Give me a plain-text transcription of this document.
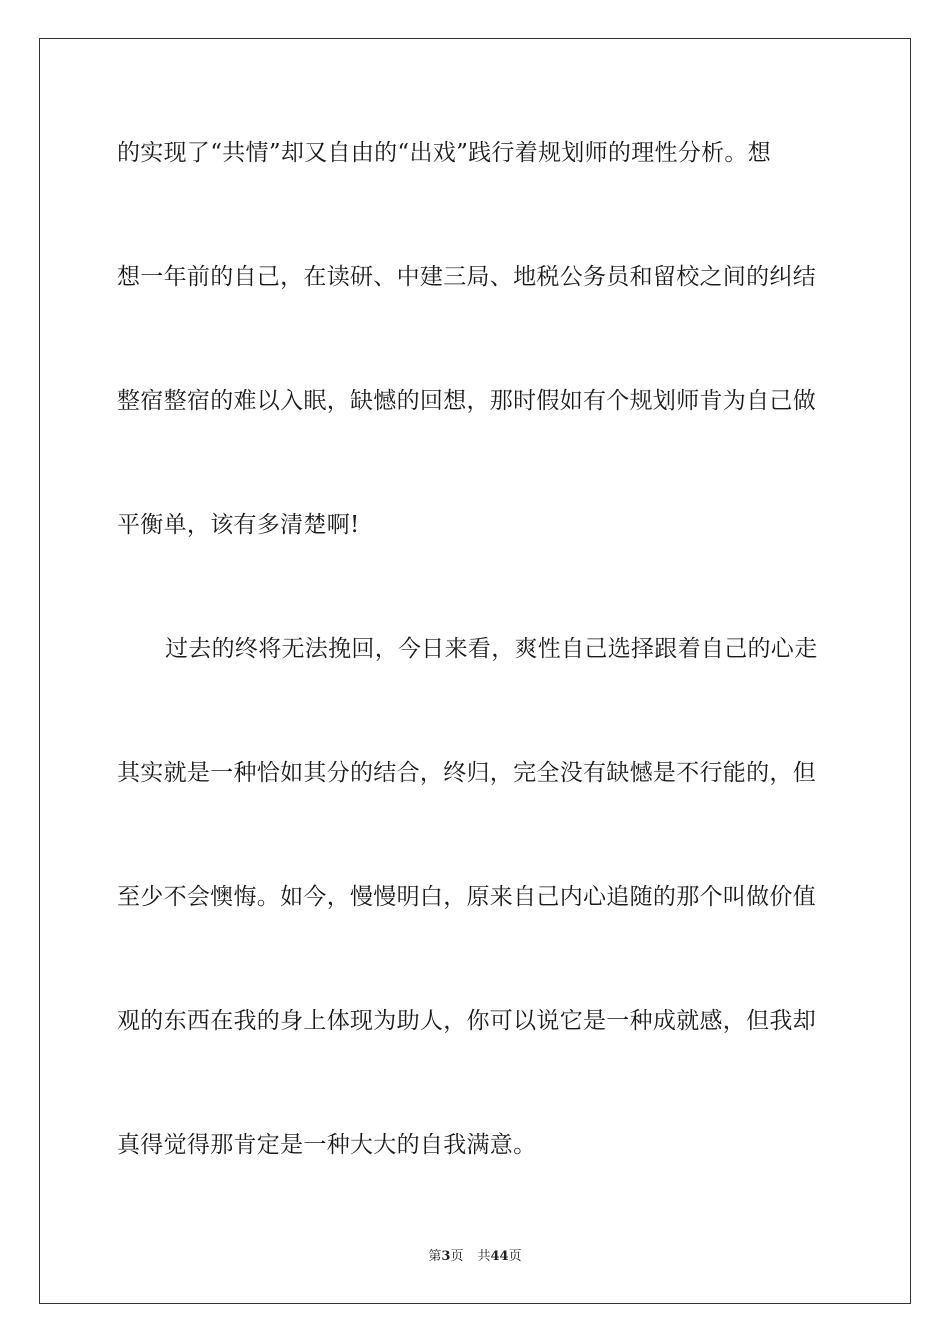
的实现了“共情”却又自由的“出戏”践行着规划师的理性分析。想
想一年前的自己，在读研、中建三局、地税公务员和留校之间的纠结
整宿整宿的难以入眠，缺憾的回想，那时假如有个规划师肯为自己做
平衡单，该有多清楚啊!
过去的终将无法挽回，今日来看，爽性自己选择跟着自己的心走
其实就是一种恰如其分的结合，终归，完全没有缺憾是不行能的，但
至少不会懊悔。如今，慢慢明白，原来自己内心追随的那个叫做价值
观的东西在我的身上体现为助人，你可以说它是一种成就感，但我却
真得觉得那肯定是一种大大的自我满意。
第3页 共44页
